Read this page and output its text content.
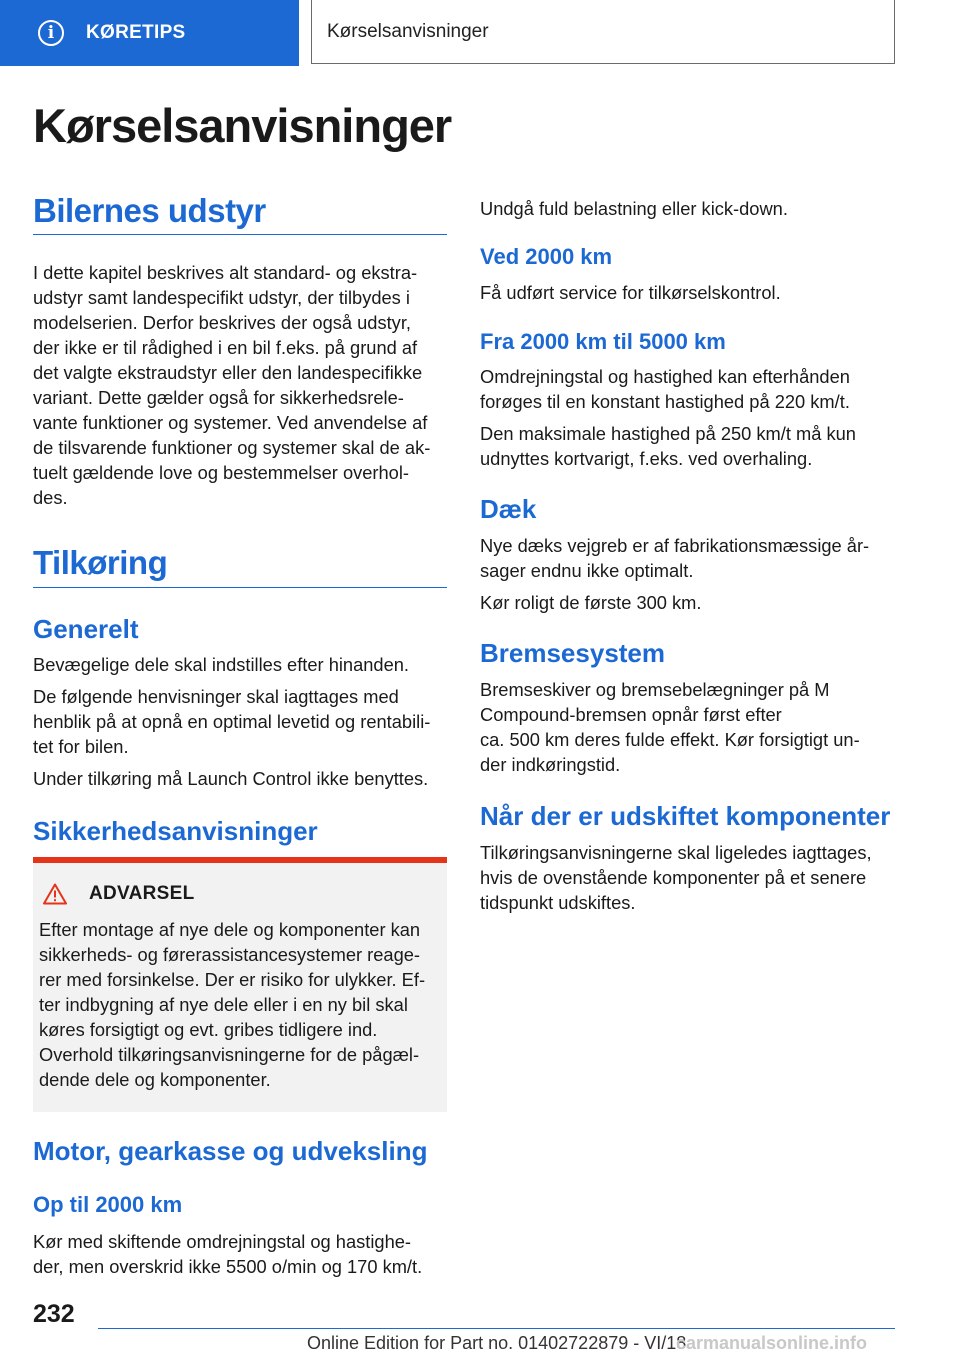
i	KØRETIPS	Kørselsanvisninger
Kørselsanvisninger
Bilernes udstyr

I dette kapitel beskrives alt standard- og ekstra-
udstyr samt landespecifikt udstyr, der tilbydes i
modelserien. Derfor beskrives der også udstyr,
der ikke er til rådighed i en bil f.eks. på grund af
det valgte ekstraudstyr eller den landespecifikke
variant. Dette gælder også for sikkerhedsrele-
vante funktioner og systemer. Ved anvendelse af
de tilsvarende funktioner og systemer skal de ak-
tuelt gældende love og bestemmelser overhol-
des.

Tilkøring
Generelt

Bevægelige dele skal indstilles efter hinanden.

De følgende henvisninger skal iagttages med
henblik på at opnå en optimal levetid og rentabili-
tet for bilen.

Under tilkøring må Launch Control ikke benyttes.

Sikkerhedsanvisninger
ADVARSEL

Efter montage af nye dele og komponenter kan
sikkerheds- og førerassistancesystemer reage-
rer med forsinkelse. Der er risiko for ulykker. Ef-
ter indbygning af nye dele eller i en ny bil skal
køres forsigtigt og evt. gribes tidligere ind.
Overhold tilkøringsanvisningerne for de pågæl-
dende dele og komponenter.

Motor, gearkasse og udveksling
Op til 2000 km

Kør med skiftende omdrejningstal og hastighe-
der, men overskrid ikke 5500 o/min og 170 km/t.

Undgå fuld belastning eller kick-down.

Ved 2000 km

Få udført service for tilkørselskontrol.

Fra 2000 km til 5000 km

Omdrejningstal og hastighed kan efterhånden
forøges til en konstant hastighed på 220 km/t.

Den maksimale hastighed på 250 km/t må kun
udnyttes kortvarigt, f.eks. ved overhaling.

Dæk

Nye dæks vejgreb er af fabrikationsmæssige år-
sager endnu ikke optimalt.

Kør roligt de første 300 km.

Bremsesystem

Bremseskiver og bremsebelægninger på M
Compound-bremsen opnår først efter
ca. 500 km deres fulde effekt. Kør forsigtigt un-
der indkøringstid.

Når der er udskiftet komponenter

Tilkøringsanvisningerne skal ligeledes iagttages,
hvis de ovenstående komponenter på et senere
tidspunkt udskiftes.

232
Online Edition for Part no. 01402722879 - VI/18
carmanualsonline.info
